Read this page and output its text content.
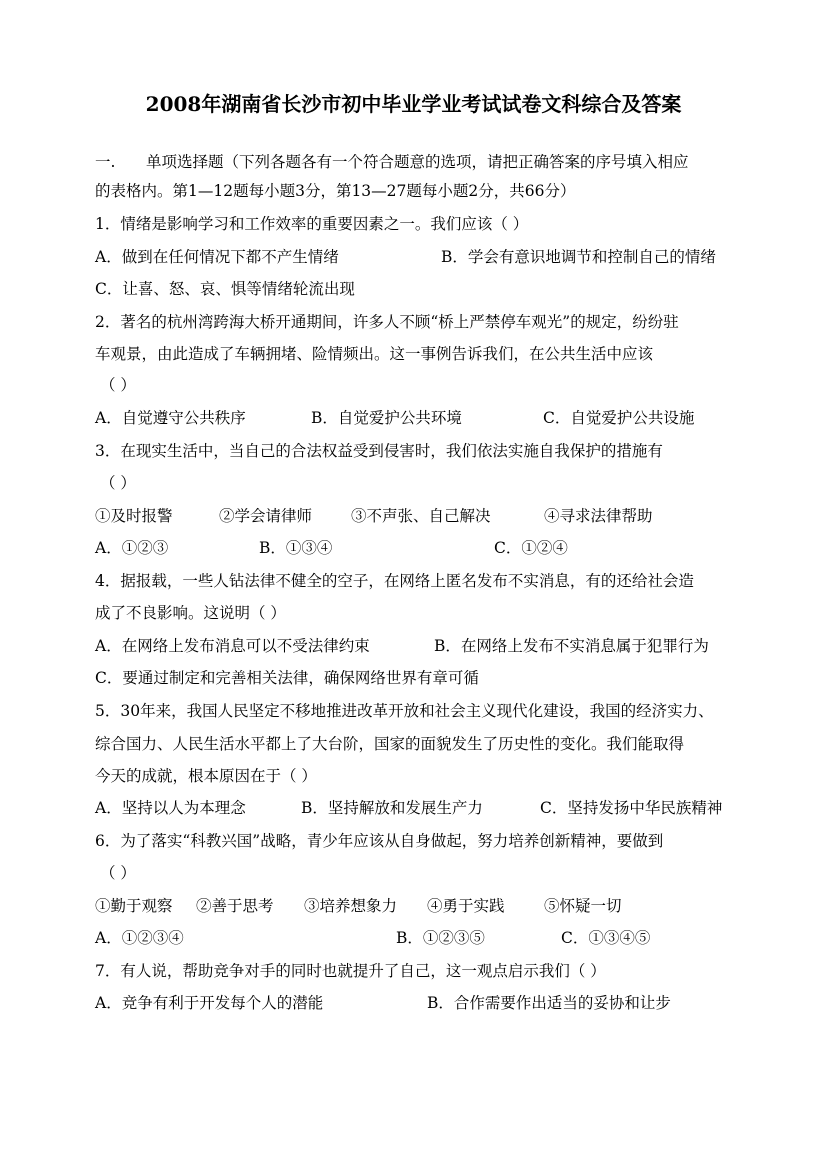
2008年湖南省长沙市初中毕业学业考试试卷文科综合及答案
一. 单项选择题（下列各题各有一个符合题意的选项，请把正确答案的序号填入相应
的表格内。第1—12题每小题3分，第13—27题每小题2分，共66分）
1．情绪是影响学习和工作效率的重要因素之一。我们应该（ ）
A．做到在任何情况下都不产生情绪	B．学会有意识地调节和控制自己的情绪
C．让喜、怒、哀、惧等情绪轮流出现
2．著名的杭州湾跨海大桥开通期间，许多人不顾“桥上严禁停车观光”的规定，纷纷驻
车观景，由此造成了车辆拥堵、险情频出。这一事例告诉我们，在公共生活中应该
（ ）
A．自觉遵守公共秩序	B．自觉爱护公共环境	C．自觉爱护公共设施
3．在现实生活中，当自己的合法权益受到侵害时，我们依法实施自我保护的措施有
（ ）
①及时报警	②学会请律师	③不声张、自己解决	④寻求法律帮助
A．①②③	B．①③④	C．①②④
4．据报载，一些人钻法律不健全的空子，在网络上匿名发布不实消息，有的还给社会造
成了不良影响。这说明（ ）
A．在网络上发布消息可以不受法律约束	B．在网络上发布不实消息属于犯罪行为
C．要通过制定和完善相关法律，确保网络世界有章可循
5．30年来，我国人民坚定不移地推进改革开放和社会主义现代化建设，我国的经济实力、
综合国力、人民生活水平都上了大台阶，国家的面貌发生了历史性的变化。我们能取得
今天的成就，根本原因在于（ ）
A．坚持以人为本理念	B．坚持解放和发展生产力	C．坚持发扬中华民族精神
6．为了落实“科教兴国”战略，青少年应该从自身做起，努力培养创新精神，要做到
（ ）
①勤于观察 ②善于思考 ③培养想象力 ④勇于实践	⑤怀疑一切
A．①②③④	B．①②③⑤	C．①③④⑤
7．有人说，帮助竞争对手的同时也就提升了自己，这一观点启示我们（ ）
A．竞争有利于开发每个人的潜能	B．合作需要作出适当的妥协和让步
